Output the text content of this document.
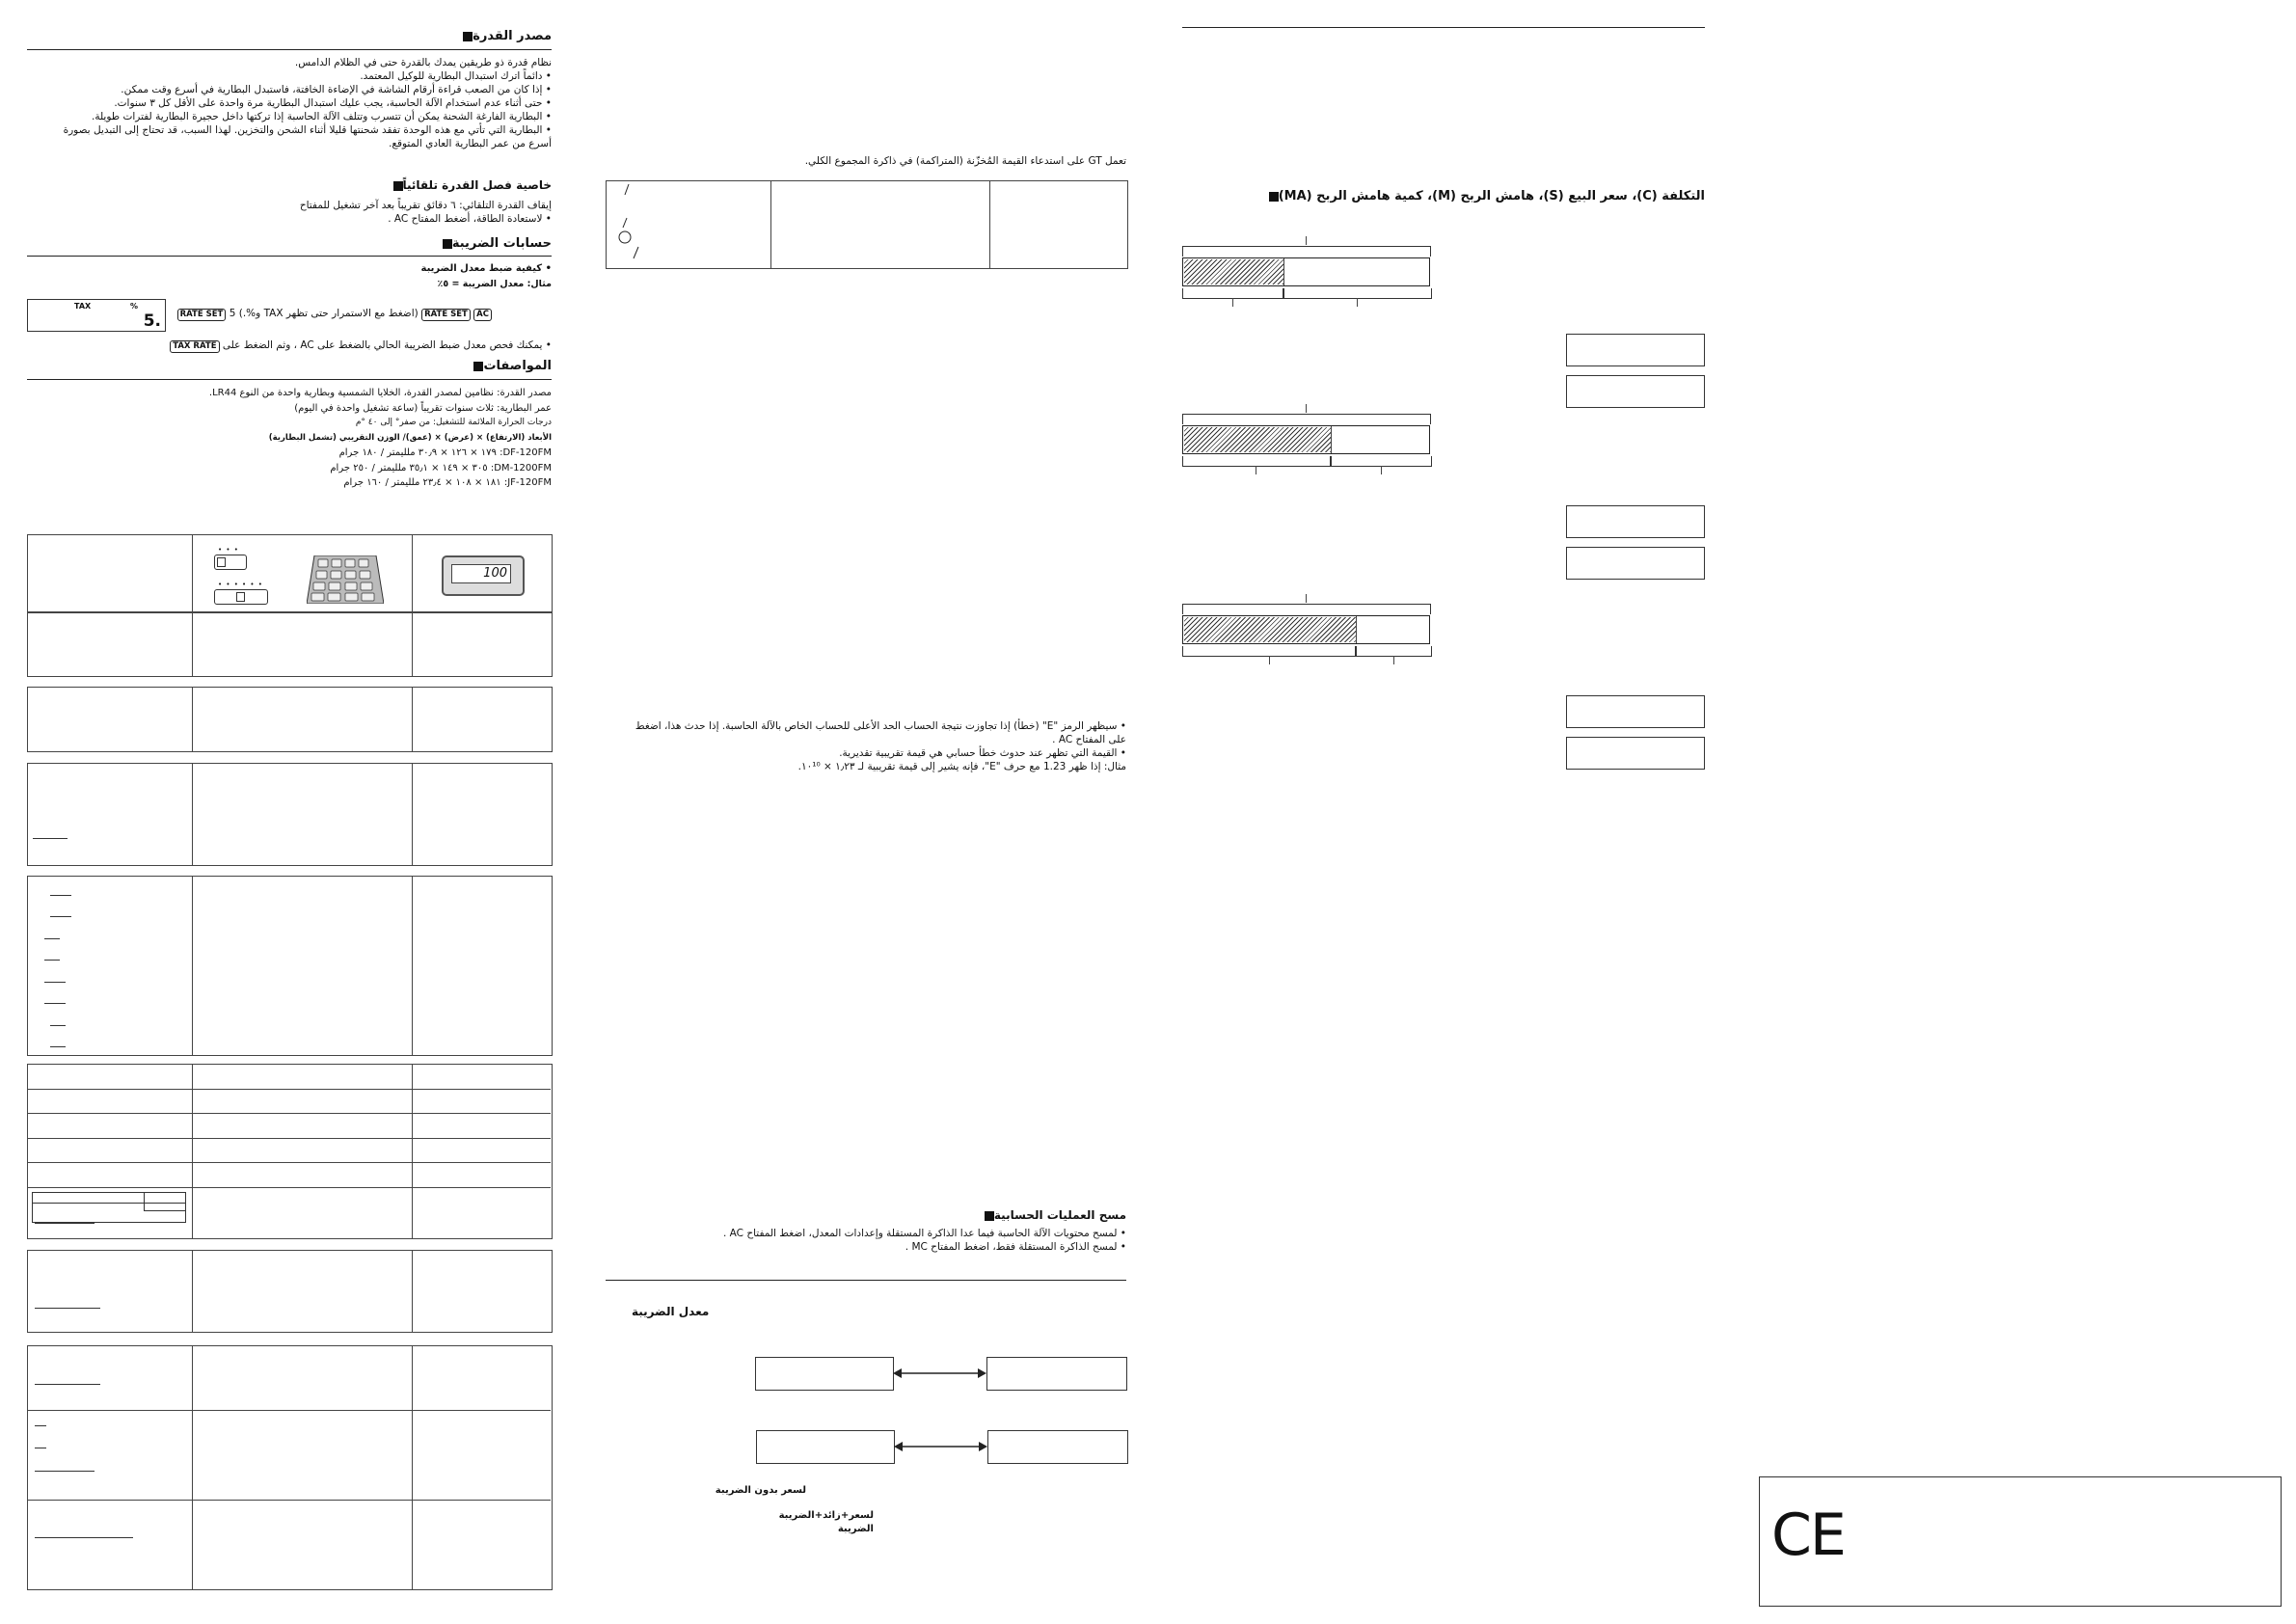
مصدر القدرة
نظام قدرة ذو طريقين يمدك بالقدرة حتى في الظلام الدامس.
• دائماً اترك استبدال البطارية للوكيل المعتمد.
• إذا كان من الصعب قراءة أرقام الشاشة في الإضاءة الخافتة، فاستبدل البطارية في أسرع وقت ممكن.
• حتى أثناء عدم استخدام الآلة الحاسبة، يجب عليك استبدال البطارية مرة واحدة على الأقل كل ٣ سنوات.
• البطارية الفارغة الشحنة يمكن أن تتسرب وتتلف الآلة الحاسبة إذا تركتها داخل حجيرة البطارية لفترات طويلة.
• البطارية التي تأتي مع هذه الوحدة تفقد شحنتها قليلا أثناء الشحن والتخزين. لهذا السبب، قد تحتاج إلى التبديل بصورة
أسرع من عمر البطارية العادي المتوقع.
خاصية فصل القدرة تلقائياً
إيقاف القدرة التلقائي: ٦ دقائق تقريباً بعد آخر تشغيل للمفتاح
• لاستعادة الطاقة، أضغط المفتاح AC .
حسابات الضريبة
• كيفية ضبط معدل الضريبة
مثال: معدل الضريبة = ٥٪
TAX	%
5.	AC RATE SET (اضغط مع الاستمرار حتى تظهر TAX و%.) 5 RATE SET
• يمكنك فحص معدل ضبط الضريبة الحالي بالضغط على AC ، وثم الضغط على TAX RATE
المواصفات
مصدر القدرة: نظامين لمصدر القدرة، الخلايا الشمسية وبطارية واحدة من النوع LR44.
عمر البطارية: ثلاث سنوات تقريباً (ساعة تشغيل واحدة في اليوم)
درجات الحرارة الملائمة للتشغيل: من صفر° إلى ٤٠ °م
الأبعاد (الارتفاع) × (عرض) × (عمق)/ الوزن التقريبي (تشمل البطارية)
DF-120FM: ١٧٩ × ١٢٦ × ٣٠٫٩ ملليمتر / ١٨٠ جرام
DM-1200FM: ٣٠٥ × ١٤٩ × ٣٥٫١ ملليمتر / ٢٥٠ جرام
JF-120FM: ١٨١ × ١٠٨ × ٢٣٫٤ ملليمتر / ١٦٠ جرام
• • •
• • • • • •
100
تعمل GT على استدعاء القيمة المُخزّنة (المتراكمة) في ذاكرة المجموع الكلي.
• سيظهر الرمز "E" (خطأ) إذا تجاوزت نتيجة الحساب الحد الأعلى للحساب الخاص بالآلة الحاسبة. إذا حدث هذا، اضغط
على المفتاح AC .
• القيمة التي تظهر عند حدوث خطأ حسابي هي قيمة تقريبية تقديرية.
مثال: إذا ظهر 1.23 مع حرف "E"، فإنه يشير إلى قيمة تقريبية لـ ١٫٢٣ × ١٠¹⁰.
مسح العمليات الحسابية
• لمسح محتويات الآلة الحاسبة فيما عدا الذاكرة المستقلة وإعدادات المعدل، اضغط المفتاح AC .
• لمسح الذاكرة المستقلة فقط، اضغط المفتاح MC .
معدل الضريبة
لسعر بدون الضريبة
لسعر+زائد+الضريبة
الضريبة
التكلفة (C)، سعر البيع (S)، هامش الربح (M)، كمية هامش الربح (MA)
CE
